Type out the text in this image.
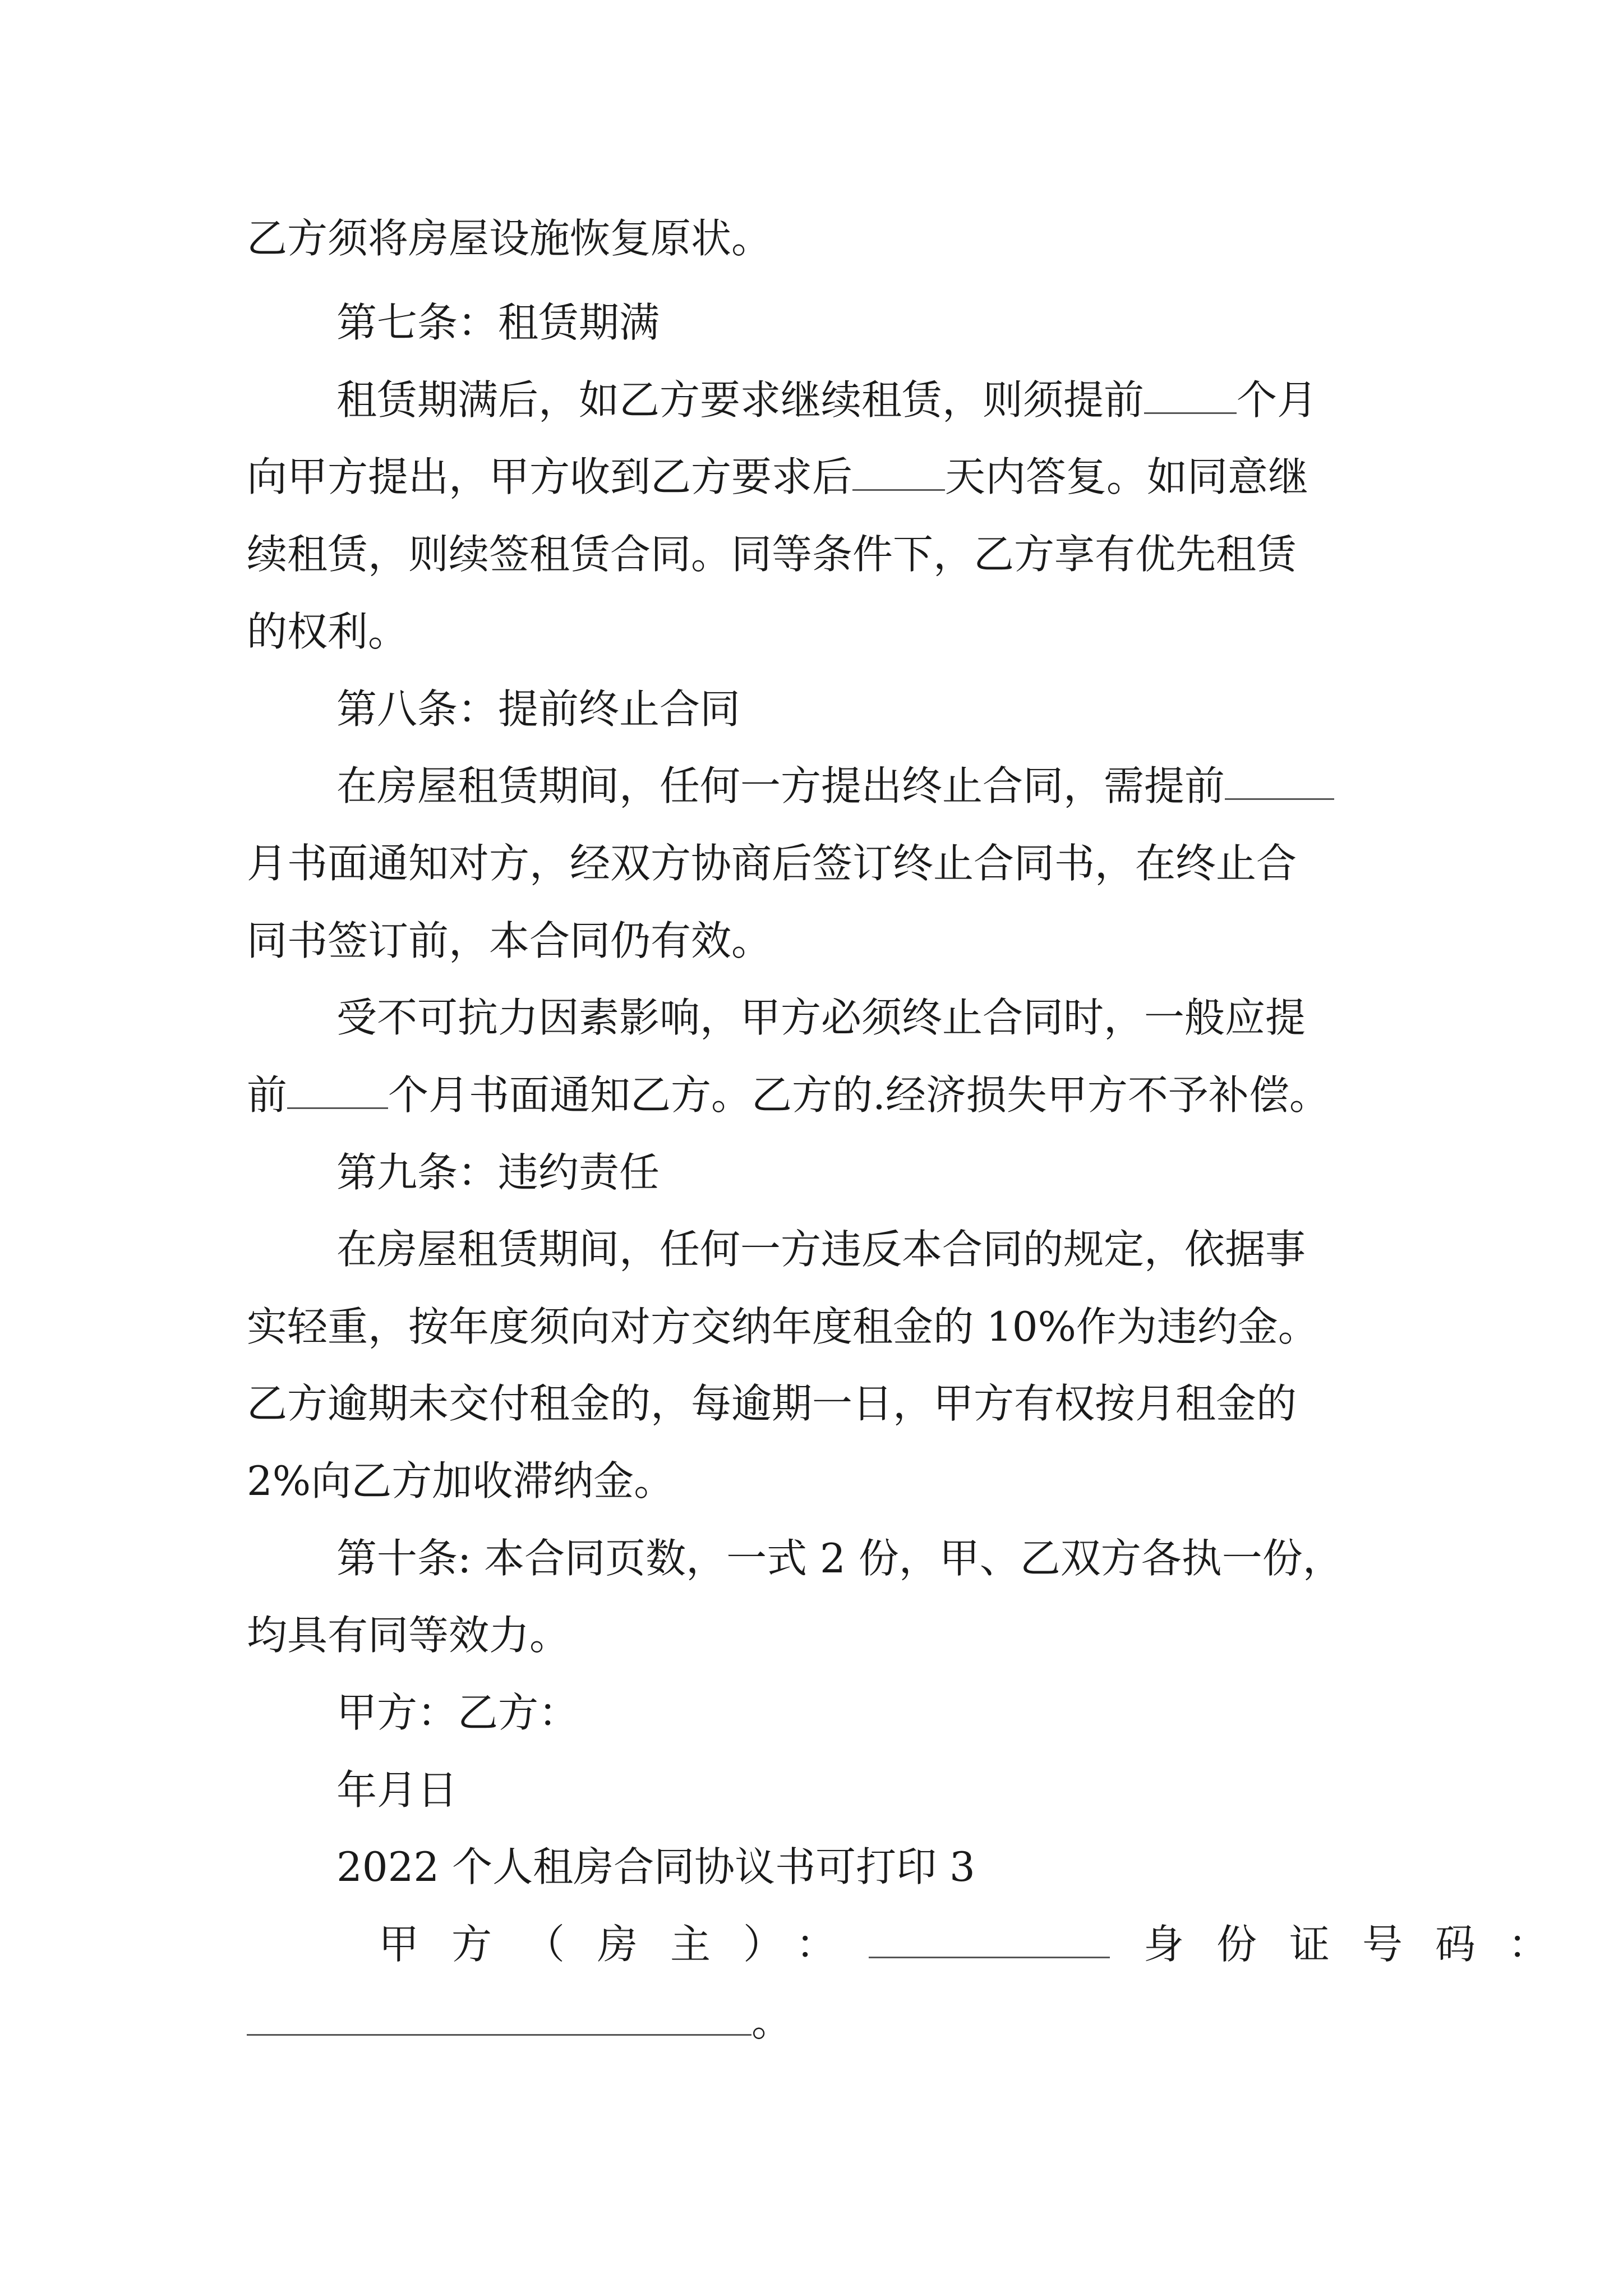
乙方须将房屋设施恢复原状。
第七条：租赁期满
租赁期满后，如乙方要求继续租赁，则须提前 个月
向甲方提出，甲方收到乙方要求后 天内答复。如同意继
续租赁，则续签租赁合同。同等条件下，乙方享有优先租赁
的权利。
第八条：提前终止合同
在房屋租赁期间，任何一方提出终止合同，需提前
月书面通知对方，经双方协商后签订终止合同书，在终止合
同书签订前，本合同仍有效。
受不可抗力因素影响，甲方必须终止合同时，一般应提
前	个月书面通知乙方。乙方的.经济损失甲方不予补偿。
第九条：违约责任
在房屋租赁期间，任何一方违反本合同的规定，依据事
实轻重，按年度须向对方交纳年度租金的 10%作为违约金。
乙方逾期未交付租金的，每逾期一日，甲方有权按月租金的
2%向乙方加收滞纳金。
第十条: 本合同页数，一式 2 份，甲、乙双方各执一份，
均具有同等效力。
甲方：乙方：
年月日
2022 个人租房合同协议书可打印 3
甲方（房主）：	身份证号码：
。
